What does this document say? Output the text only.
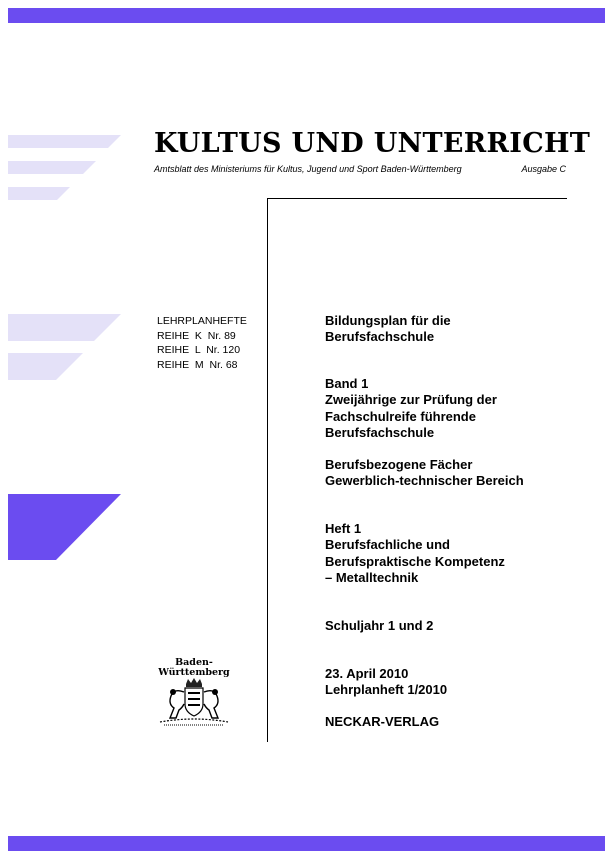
KULTUS UND UNTERRICHT
Amtsblatt des Ministeriums für Kultus, Jugend und Sport Baden-Württemberg	Ausgabe C
LEHRPLANHEFTE
REIHE  K  Nr. 89
REIHE  L  Nr. 120
REIHE  M  Nr. 68
Bildungsplan für die
Berufsfachschule
Band 1
Zweijährige zur Prüfung der
Fachschulreife führende
Berufsfachschule
Berufsbezogene Fächer
Gewerblich-technischer Bereich
Heft 1
Berufsfachliche und
Berufspraktische Kompetenz
– Metalltechnik
Schuljahr 1 und 2
23. April 2010
Lehrplanheft 1/2010
NECKAR-VERLAG
Baden-
Württemberg
